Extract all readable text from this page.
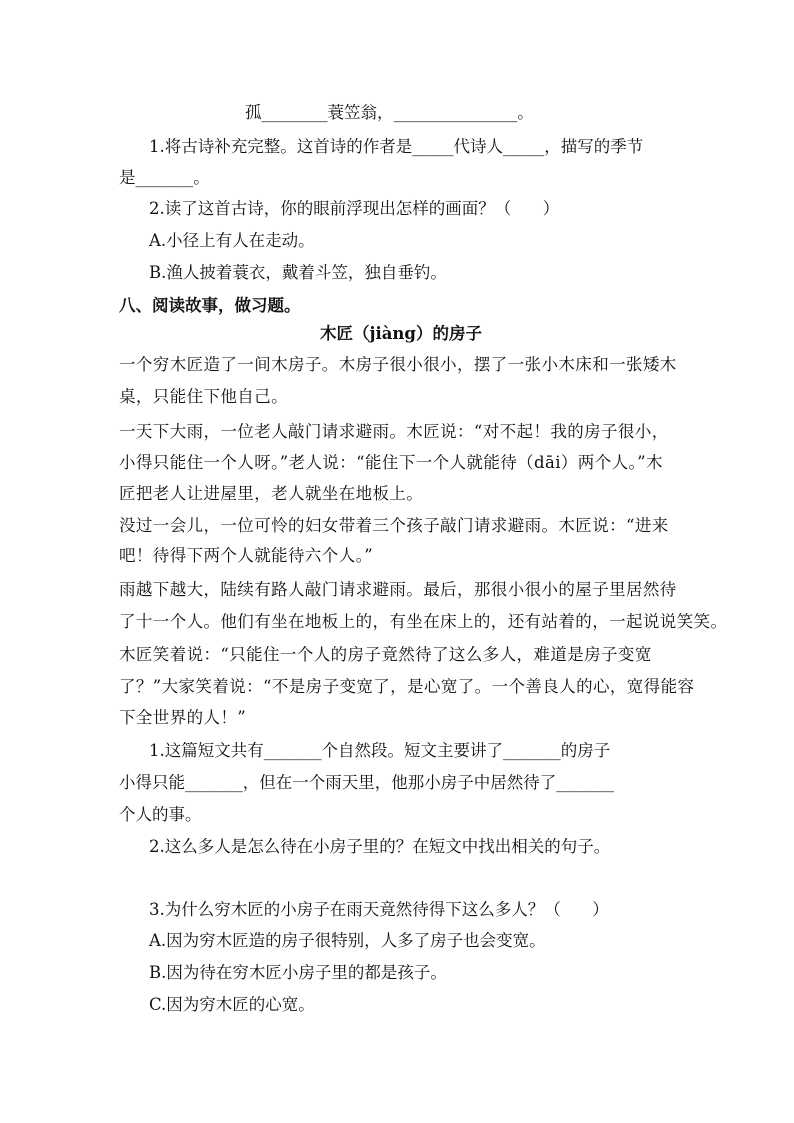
孤________蓑笠翁，_______________。
1.将古诗补充完整。这首诗的作者是_____代诗人_____，描写的季节
是_______。
2.读了这首古诗，你的眼前浮现出怎样的画面？（      ）
A.小径上有人在走动。
B.渔人披着蓑衣，戴着斗笠，独自垂钓。
八、阅读故事，做习题。
木匠（jiàng）的房子
一个穷木匠造了一间木房子。木房子很小很小，摆了一张小木床和一张矮木
桌，只能住下他自己。
一天下大雨，一位老人敲门请求避雨。木匠说：“对不起！我的房子很小，
小得只能住一个人呀。”老人说：“能住下一个人就能待（dāi）两个人。”木
匠把老人让进屋里，老人就坐在地板上。
没过一会儿，一位可怜的妇女带着三个孩子敲门请求避雨。木匠说：“进来
吧！待得下两个人就能待六个人。”
雨越下越大，陆续有路人敲门请求避雨。最后，那很小很小的屋子里居然待
了十一个人。他们有坐在地板上的，有坐在床上的，还有站着的，一起说说笑笑。
木匠笑着说：“只能住一个人的房子竟然待了这么多人，难道是房子变宽
了？”大家笑着说：“不是房子变宽了，是心宽了。一个善良人的心，宽得能容
下全世界的人！”
1.这篇短文共有_______个自然段。短文主要讲了_______的房子
小得只能_______，但在一个雨天里，他那小房子中居然待了_______
个人的事。
2.这么多人是怎么待在小房子里的？在短文中找出相关的句子。
3.为什么穷木匠的小房子在雨天竟然待得下这么多人？（      ）
A.因为穷木匠造的房子很特别，人多了房子也会变宽。
B.因为待在穷木匠小房子里的都是孩子。
C.因为穷木匠的心宽。
